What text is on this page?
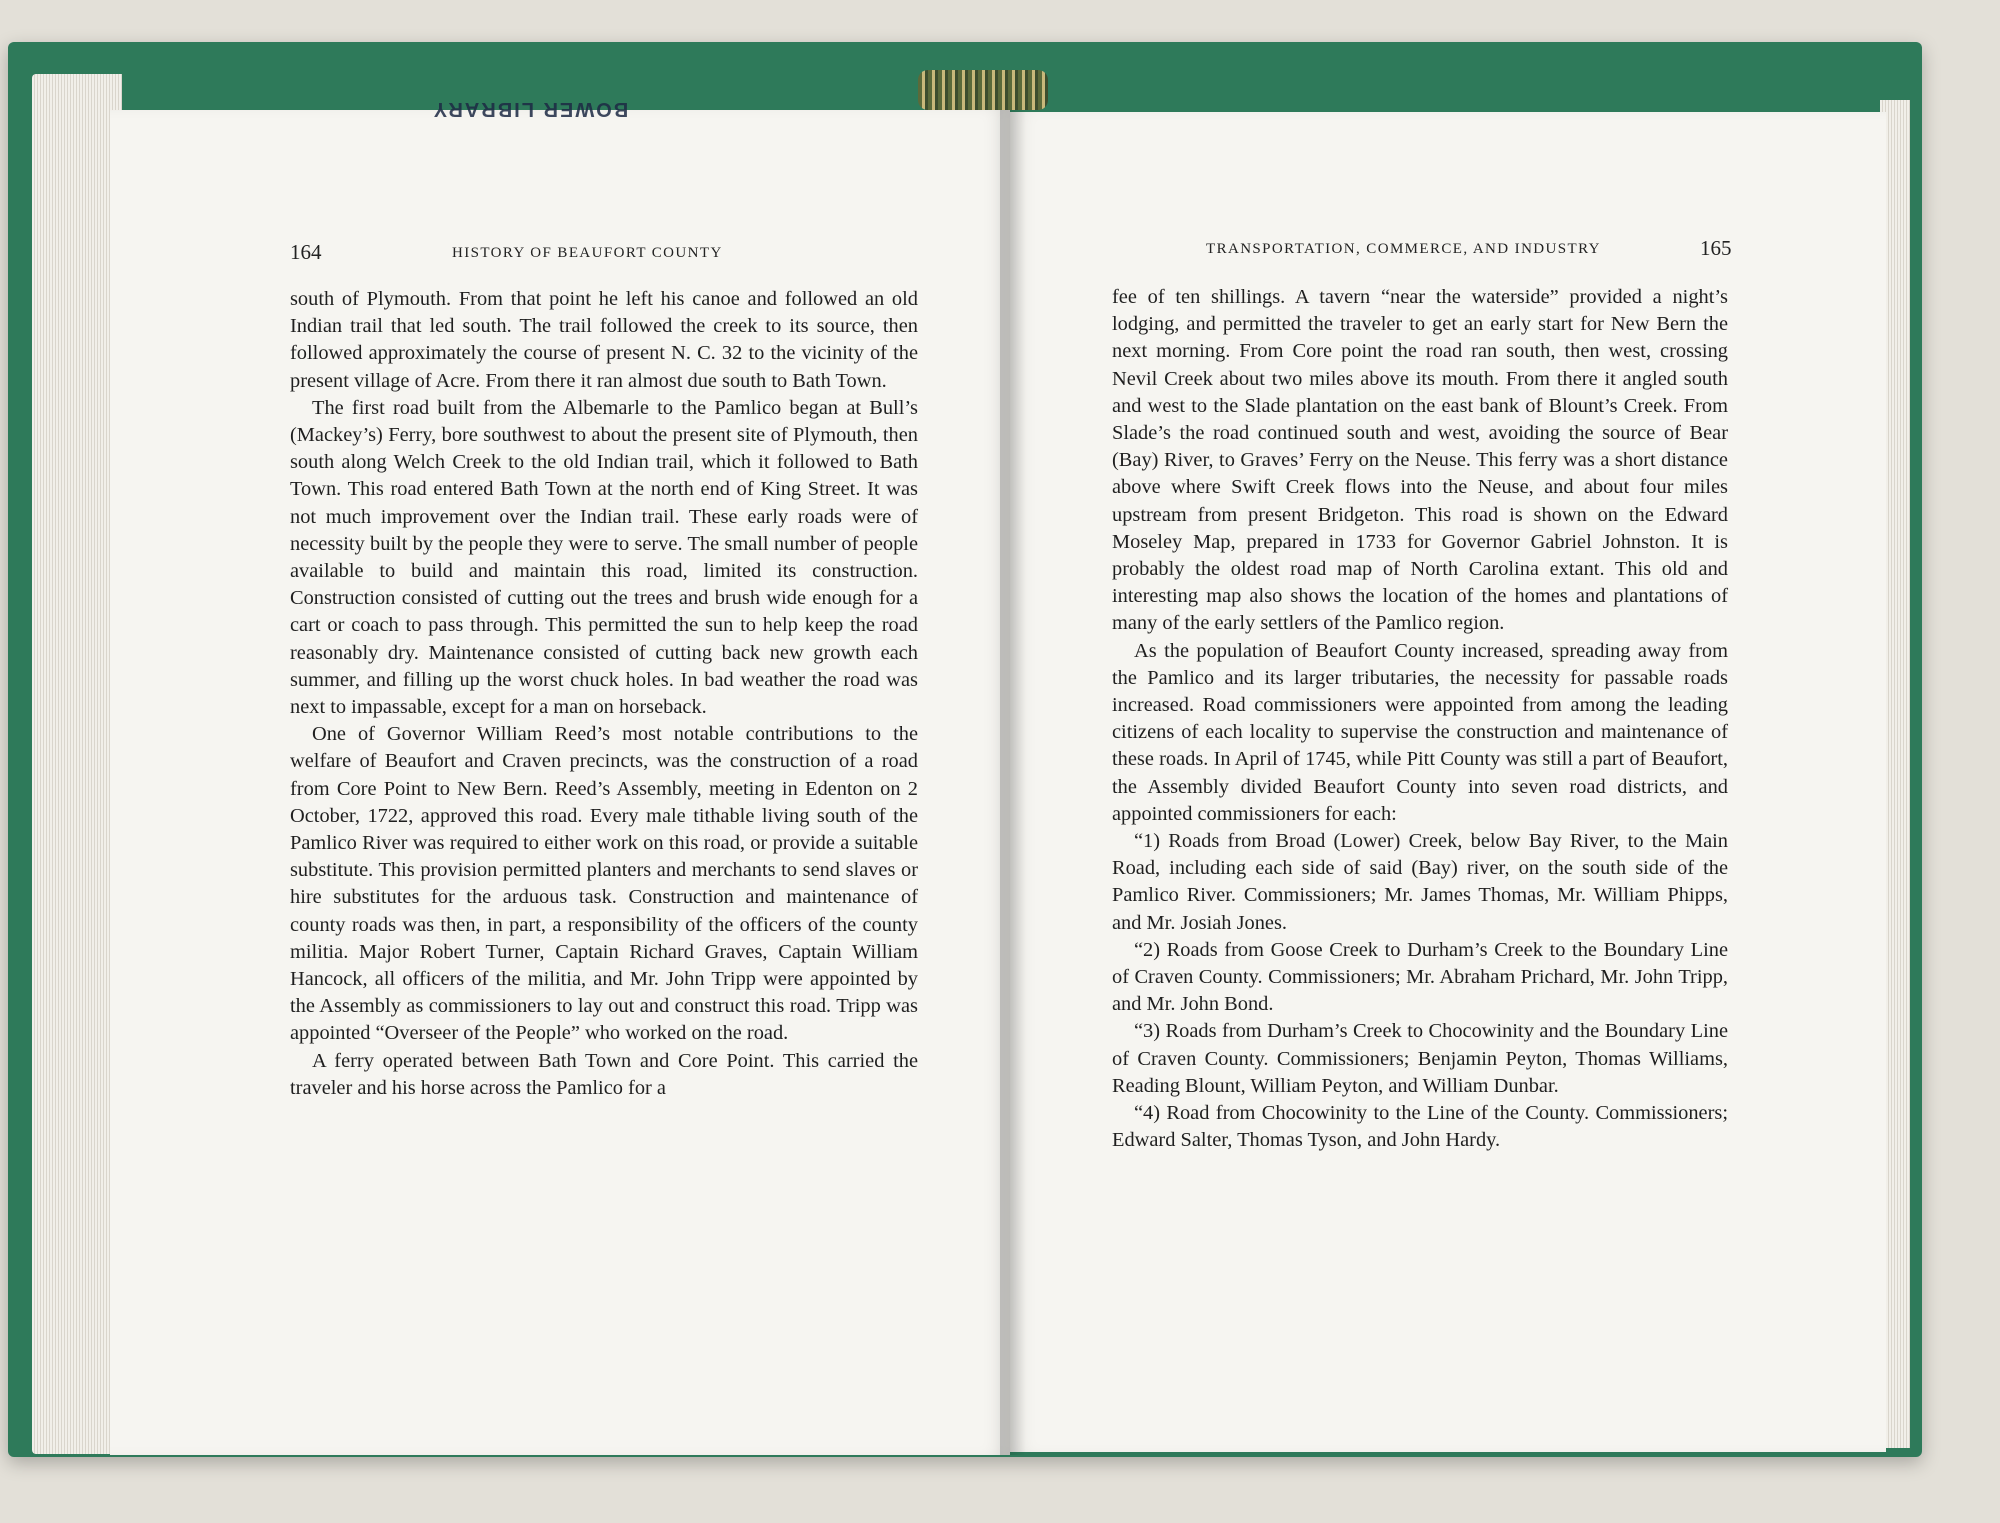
BOWER LIBRARY
164	HISTORY OF BEAUFORT COUNTY	TRANSPORTATION, COMMERCE, AND INDUSTRY	165

south of Plymouth. From that point he left his canoe and followed an old Indian trail that led south. The trail followed the creek to its source, then followed approximately the course of present N. C. 32 to the vicinity of the present village of Acre. From there it ran almost due south to Bath Town.

The first road built from the Albemarle to the Pamlico began at Bull’s (Mackey’s) Ferry, bore southwest to about the present site of Plymouth, then south along Welch Creek to the old Indian trail, which it followed to Bath Town. This road entered Bath Town at the north end of King Street. It was not much improvement over the Indian trail. These early roads were of necessity built by the people they were to serve. The small number of people available to build and maintain this road, limited its construction. Construction consisted of cutting out the trees and brush wide enough for a cart or coach to pass through. This permitted the sun to help keep the road reasonably dry. Maintenance consisted of cutting back new growth each summer, and filling up the worst chuck holes. In bad weather the road was next to impassable, except for a man on horseback.

One of Governor William Reed’s most notable contributions to the welfare of Beaufort and Craven precincts, was the construction of a road from Core Point to New Bern. Reed’s Assembly, meeting in Edenton on 2 October, 1722, approved this road. Every male tithable living south of the Pamlico River was required to either work on this road, or provide a suitable substitute. This provision permitted planters and merchants to send slaves or hire substitutes for the arduous task. Construction and maintenance of county roads was then, in part, a responsibility of the officers of the county militia. Major Robert Turner, Captain Richard Graves, Captain William Hancock, all officers of the militia, and Mr. John Tripp were appointed by the Assembly as commissioners to lay out and construct this road. Tripp was appointed “Overseer of the People” who worked on the road.

A ferry operated between Bath Town and Core Point. This carried the traveler and his horse across the Pamlico for a

fee of ten shillings. A tavern “near the waterside” provided a night’s lodging, and permitted the traveler to get an early start for New Bern the next morning. From Core point the road ran south, then west, crossing Nevil Creek about two miles above its mouth. From there it angled south and west to the Slade plantation on the east bank of Blount’s Creek. From Slade’s the road continued south and west, avoiding the source of Bear (Bay) River, to Graves’ Ferry on the Neuse. This ferry was a short distance above where Swift Creek flows into the Neuse, and about four miles upstream from present Bridgeton. This road is shown on the Edward Moseley Map, prepared in 1733 for Governor Gabriel Johnston. It is probably the oldest road map of North Carolina extant. This old and interesting map also shows the location of the homes and plantations of many of the early settlers of the Pamlico region.

As the population of Beaufort County increased, spreading away from the Pamlico and its larger tributaries, the necessity for passable roads increased. Road commissioners were appointed from among the leading citizens of each locality to supervise the construction and maintenance of these roads. In April of 1745, while Pitt County was still a part of Beaufort, the Assembly divided Beaufort County into seven road districts, and appointed commissioners for each:

“1) Roads from Broad (Lower) Creek, below Bay River, to the Main Road, including each side of said (Bay) river, on the south side of the Pamlico River. Commissioners; Mr. James Thomas, Mr. William Phipps, and Mr. Josiah Jones.

“2) Roads from Goose Creek to Durham’s Creek to the Boundary Line of Craven County. Commissioners; Mr. Abraham Prichard, Mr. John Tripp, and Mr. John Bond.

“3) Roads from Durham’s Creek to Chocowinity and the Boundary Line of Craven County. Commissioners; Benjamin Peyton, Thomas Williams, Reading Blount, William Peyton, and William Dunbar.

“4) Road from Chocowinity to the Line of the County. Commissioners; Edward Salter, Thomas Tyson, and John Hardy.
